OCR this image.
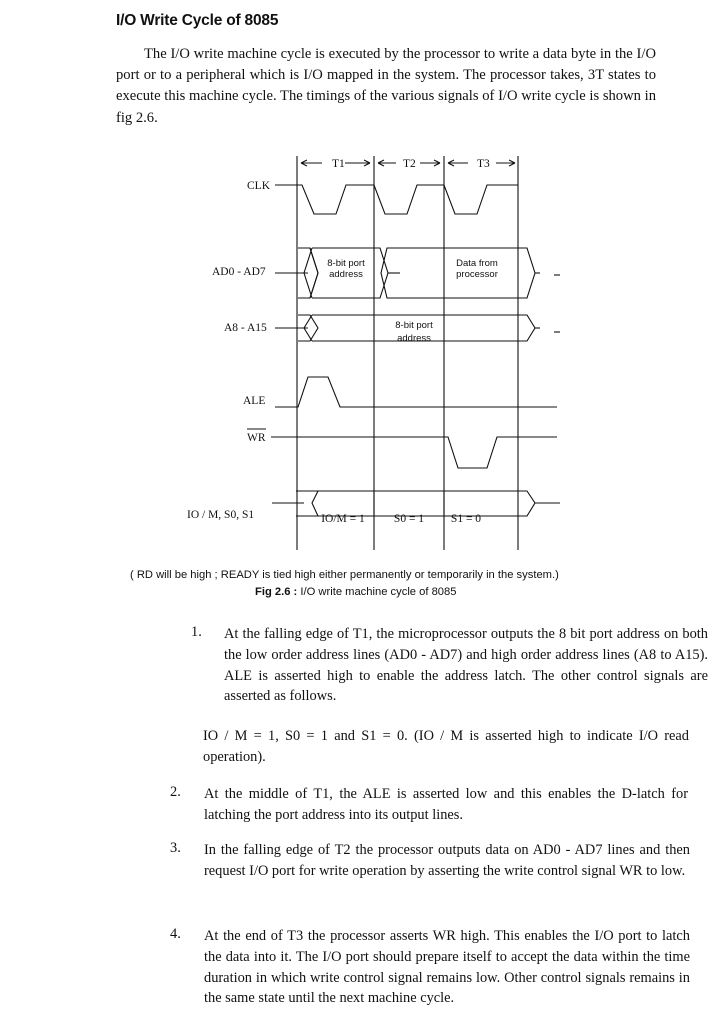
I/O Write Cycle of 8085
The I/O write machine cycle is executed by the processor to write a data byte in the I/O port or to a peripheral which is I/O mapped in the system. The processor takes, 3T states to execute this machine cycle. The timings of the various signals of I/O write cycle is shown in fig 2.6.
T1	T2	T3
CLK
AD0 - AD7
A8 - A15
ALE
WR
IO / M, S0, S1
8-bit port
address
Data from
processor
8-bit port
address
IO/M = 1	S0 = 1 S1 = 0
( RD will be high ; READY is tied high either permanently or temporarily in the system.)
Fig 2.6 : I/O write machine cycle of 8085
1. At the falling edge of T1, the microprocessor outputs the 8 bit port address on both the low order address lines (AD0 - AD7) and high order address lines (A8 to A15). ALE is asserted high to enable the address latch. The other control signals are asserted as follows.
IO / M = 1, S0 = 1 and S1 = 0. (IO / M is asserted high to indicate I/O read operation).
2. At the middle of T1, the ALE is asserted low and this enables the D-latch for latching the port address into its output lines.
3. In the falling edge of T2 the processor outputs data on AD0 - AD7 lines and then request I/O port for write operation by asserting the write control signal WR to low.
4. At the end of T3 the processor asserts WR high. This enables the I/O port to latch the data into it. The I/O port should prepare itself to accept the data within the time duration in which write control signal remains low. Other control signals remains in the same state until the next machine cycle.
